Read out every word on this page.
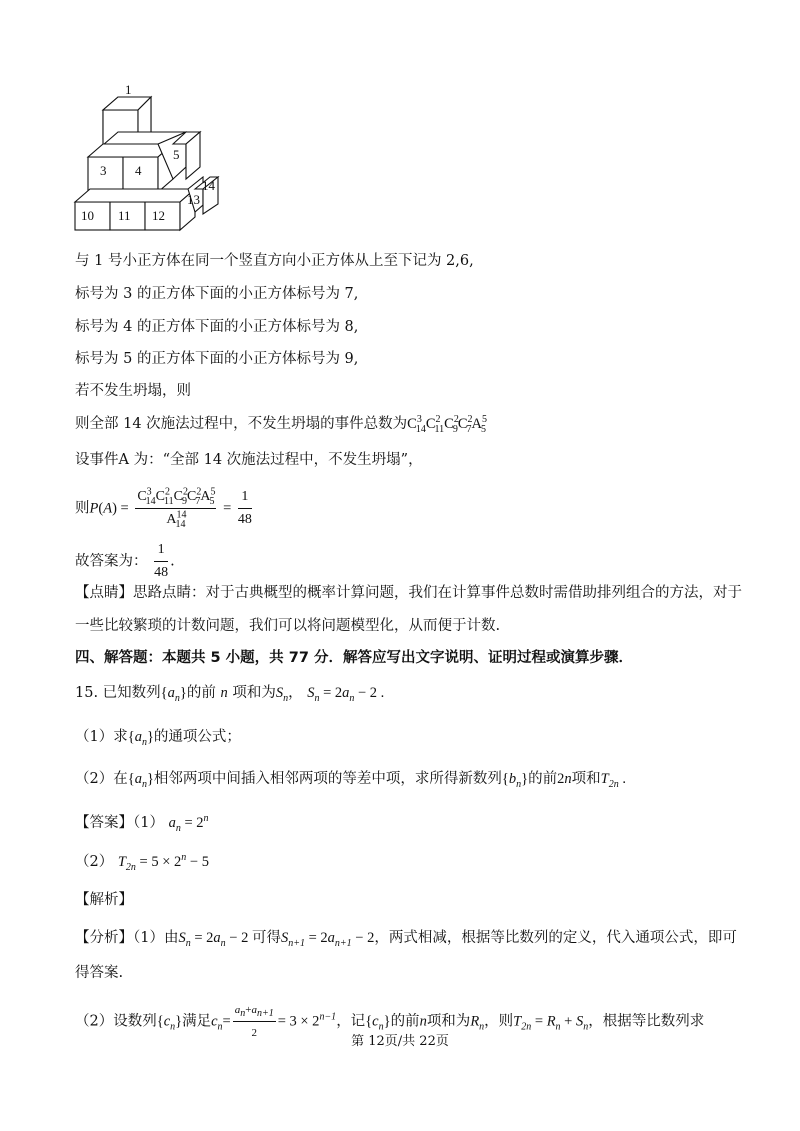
1
3 4
5
10 11 12
13
14
与 1 号小正方体在同一个竖直方向小正方体从上至下记为 2,6,
标号为 3 的正方体下面的小正方体标号为 7,
标号为 4 的正方体下面的小正方体标号为 8,
标号为 5 的正方体下面的小正方体标号为 9,
若不发生坍塌，则
则全部 14 次施法过程中，不发生坍塌的事件总数为$C^3_{14}C^2_{11}C^2_9C^2_7A^5_5$
设事件A 为：“全部 14 次施法过程中，不发生坍塌”，
则$P(A) = \frac{C^3_{14}C^2_{11}C^2_9C^2_7A^5_5}{A^{14}_{14}} = \frac{1}{48}$
故答案为： $\frac{1}{48}$ .
【点睛】思路点睛：对于古典概型的概率计算问题，我们在计算事件总数时需借助排列组合的方法，对于
一些比较繁琐的计数问题，我们可以将问题模型化，从而便于计数.
四、解答题：本题共 5 小题，共 77 分．解答应写出文字说明、证明过程或演算步骤．
15. 已知数列$\{a_n\}$的前 n 项和为$S_n$， $S_n = 2a_n - 2$ .
（1）求$\{a_n\}$的通项公式；
（2）在$\{a_n\}$相邻两项中间插入相邻两项的等差中项，求所得新数列$\{b_n\}$的前2n项和$T_{2n}$ .
【答案】（1） $a_n = 2^n$
（2） $T_{2n} = 5 \times 2^n - 5$
【解析】
【分析】（1）由$S_n = 2a_n - 2$ 可得$S_{n+1} = 2a_{n+1} - 2$，两式相减，根据等比数列的定义，代入通项公式，即可
得答案.
（2）设数列$\{c_n\}$满足$c_n= \frac{a_n+a_{n+1}}{2} = 3 \times 2^{n-1}$，记$\{c_n\}$的前n项和为$R_n$，则$T_{2n} = R_n + S_n$，根据等比数列求
第 12页/共 22页
